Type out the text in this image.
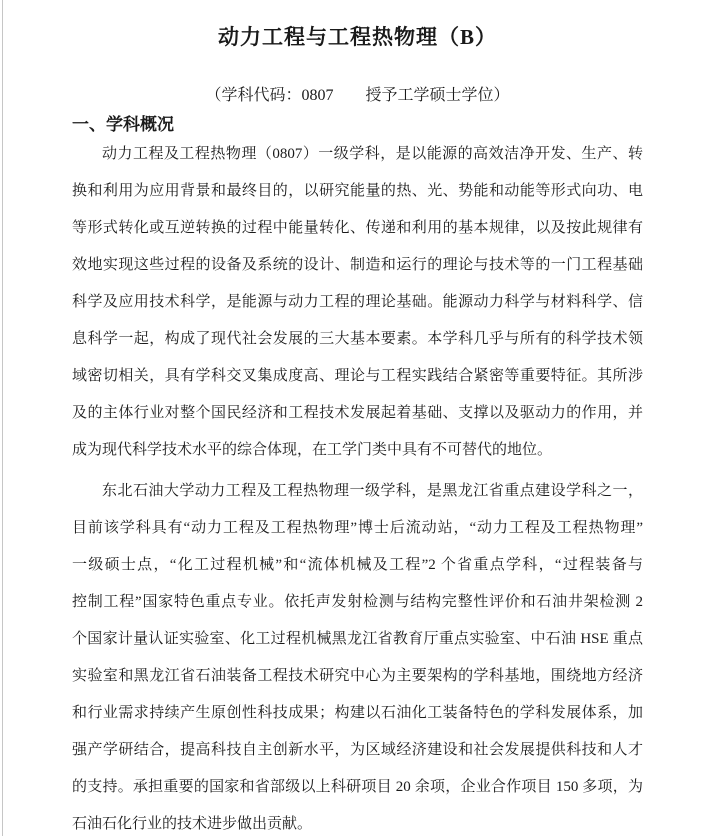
动力工程与工程热物理（B）
（学科代码：0807　　授予工学硕士学位）
一、学科概况
动力工程及工程热物理（0807）一级学科，是以能源的高效洁净开发、生产、转
换和利用为应用背景和最终目的，以研究能量的热、光、势能和动能等形式向功、电
等形式转化或互逆转换的过程中能量转化、传递和利用的基本规律，以及按此规律有
效地实现这些过程的设备及系统的设计、制造和运行的理论与技术等的一门工程基础
科学及应用技术科学，是能源与动力工程的理论基础。能源动力科学与材料科学、信
息科学一起，构成了现代社会发展的三大基本要素。本学科几乎与所有的科学技术领
域密切相关，具有学科交叉集成度高、理论与工程实践结合紧密等重要特征。其所涉
及的主体行业对整个国民经济和工程技术发展起着基础、支撑以及驱动力的作用，并
成为现代科学技术水平的综合体现，在工学门类中具有不可替代的地位。
东北石油大学动力工程及工程热物理一级学科，是黑龙江省重点建设学科之一，
目前该学科具有“动力工程及工程热物理”博士后流动站，“动力工程及工程热物理”
一级硕士点，“化工过程机械”和“流体机械及工程”2 个省重点学科，“过程装备与
控制工程”国家特色重点专业。依托声发射检测与结构完整性评价和石油井架检测 2
个国家计量认证实验室、化工过程机械黑龙江省教育厅重点实验室、中石油 HSE 重点
实验室和黑龙江省石油装备工程技术研究中心为主要架构的学科基地，围绕地方经济
和行业需求持续产生原创性科技成果；构建以石油化工装备特色的学科发展体系，加
强产学研结合，提高科技自主创新水平，为区域经济建设和社会发展提供科技和人才
的支持。承担重要的国家和省部级以上科研项目 20 余项，企业合作项目 150 多项，为
石油石化行业的技术进步做出贡献。
